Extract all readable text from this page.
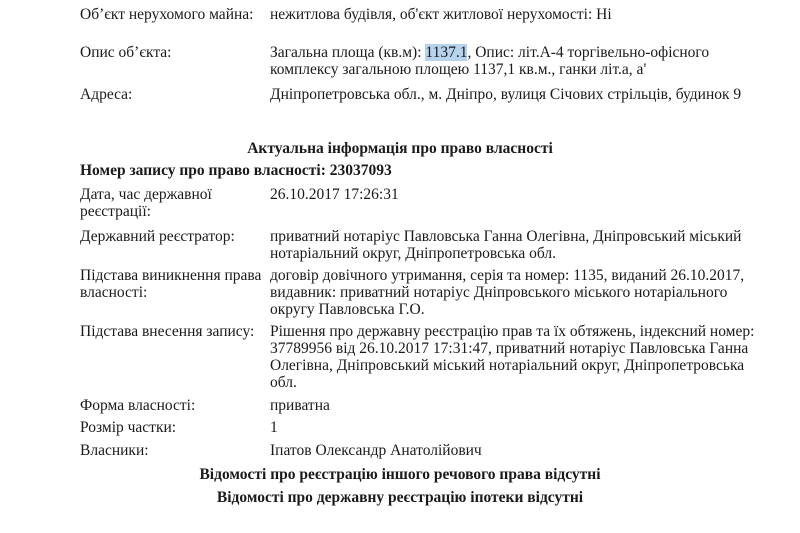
Об’єкт нерухомого майна:	нежитлова будівля, об'єкт житлової нерухомості: Ні
Опис об’єкта:	Загальна площа (кв.м): 1137.1, Опис: літ.А-4 торгівельно-офісного комплексу загальною площею 1137,1 кв.м., ганки літ.а, а'
Адреса:	Дніпропетровська обл., м. Дніпро, вулиця Січових стрільців, будинок 9
Актуальна інформація про право власності
Номер запису про право власності: 23037093
Дата, час державної реєстрації:
26.10.2017 17:26:31
Державний реєстратор:	приватний нотаріус Павловська Ганна Олегівна, Дніпровський міський нотаріальний округ, Дніпропетровська обл.
Підстава виникнення права власності:
договір довічного утримання, серія та номер: 1135, виданий 26.10.2017, видавник: приватний нотаріус Дніпровського міського нотаріального округу Павловська Г.О.
Підстава внесення запису:	Рішення про державну реєстрацію прав та їх обтяжень, індексний номер: 37789956 від 26.10.2017 17:31:47, приватний нотаріус Павловська Ганна Олегівна, Дніпровський міський нотаріальний округ, Дніпропетровська обл.
Форма власності:	приватна
Розмір частки:	1
Власники:	Іпатов Олександр Анатолійович
Відомості про реєстрацію іншого речового права відсутні
Відомості про державну реєстрацію іпотеки відсутні
